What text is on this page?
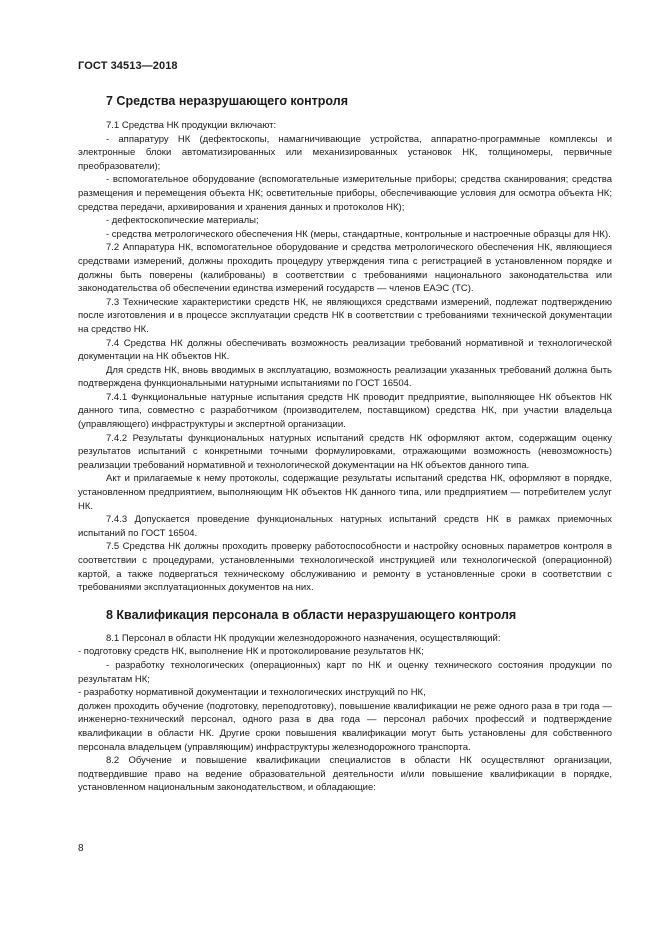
ГОСТ 34513—2018
7 Средства неразрушающего контроля

7.1 Средства НК продукции включают:

- аппаратуру НК (дефектоскопы, намагничивающие устройства, аппаратно-программные комплексы и электронные блоки автоматизированных или механизированных установок НК, толщиномеры, первичные преобразователи);

- вспомогательное оборудование (вспомогательные измерительные приборы; средства сканирования; средства размещения и перемещения объекта НК; осветительные приборы, обеспечивающие условия для осмотра объекта НК; средства передачи, архивирования и хранения данных и протоколов НК);

- дефектоскопические материалы;

- средства метрологического обеспечения НК (меры, стандартные, контрольные и настроечные образцы для НК).

7.2 Аппаратура НК, вспомогательное оборудование и средства метрологического обеспечения НК, являющиеся средствами измерений, должны проходить процедуру утверждения типа с регистрацией в установленном порядке и должны быть поверены (калиброваны) в соответствии с требованиями национального законодательства или законодательства об обеспечении единства измерений государств — членов ЕАЭС (ТС).

7.3 Технические характеристики средств НК, не являющихся средствами измерений, подлежат подтверждению после изготовления и в процессе эксплуатации средств НК в соответствии с требованиями технической документации на средство НК.

7.4 Средства НК должны обеспечивать возможность реализации требований нормативной и технологической документации на НК объектов НК.

Для средств НК, вновь вводимых в эксплуатацию, возможность реализации указанных требований должна быть подтверждена функциональными натурными испытаниями по ГОСТ 16504.

7.4.1 Функциональные натурные испытания средств НК проводит предприятие, выполняющее НК объектов НК данного типа, совместно с разработчиком (производителем, поставщиком) средства НК, при участии владельца (управляющего) инфраструктуры и экспертной организации.

7.4.2 Результаты функциональных натурных испытаний средств НК оформляют актом, содержащим оценку результатов испытаний с конкретными точными формулировками, отражающими возможность (невозможность) реализации требований нормативной и технологической документации на НК объектов данного типа.

Акт и прилагаемые к нему протоколы, содержащие результаты испытаний средства НК, оформляют в порядке, установленном предприятием, выполняющим НК объектов НК данного типа, или предприятием — потребителем услуг НК.

7.4.3 Допускается проведение функциональных натурных испытаний средств НК в рамках приемочных испытаний по ГОСТ 16504.

7.5 Средства НК должны проходить проверку работоспособности и настройку основных параметров контроля в соответствии с процедурами, установленными технологической инструкцией или технологической (операционной) картой, а также подвергаться техническому обслуживанию и ремонту в установленные сроки в соответствии с требованиями эксплуатационных документов на них.

8 Квалификация персонала в области неразрушающего контроля

8.1 Персонал в области НК продукции железнодорожного назначения, осуществляющий:

- подготовку средств НК, выполнение НК и протоколирование результатов НК;

- разработку технологических (операционных) карт по НК и оценку технического состояния продукции по результатам НК;

- разработку нормативной документации и технологических инструкций по НК,

должен проходить обучение (подготовку, переподготовку), повышение квалификации не реже одного раза в три года — инженерно-технический персонал, одного раза в два года — персонал рабочих профессий и подтверждение квалификации в области НК. Другие сроки повышения квалификации могут быть установлены для собственного персонала владельцем (управляющим) инфраструктуры железнодорожного транспорта.

8.2 Обучение и повышение квалификации специалистов в области НК осуществляют организации, подтвердившие право на ведение образовательной деятельности и/или повышение квалификации в порядке, установленном национальным законодательством, и обладающие:

8
